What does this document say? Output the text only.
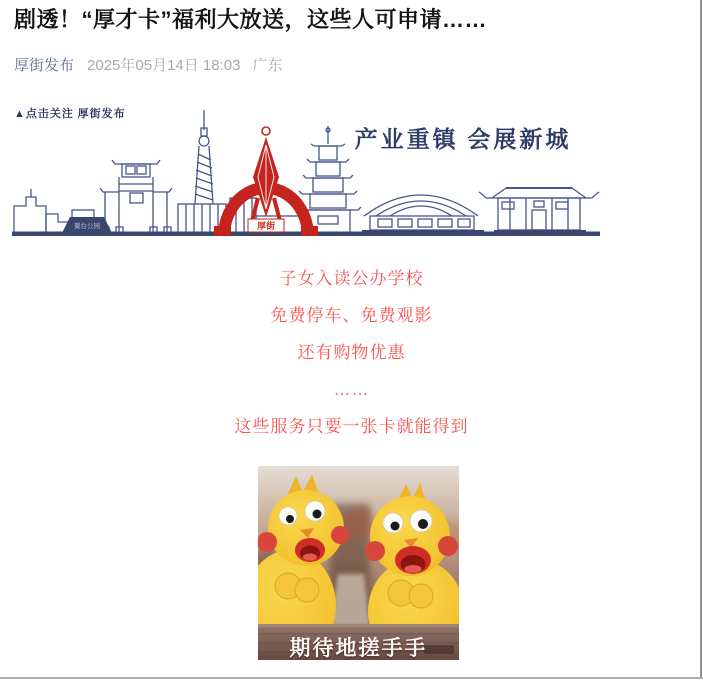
剧透！“厚才卡”福利大放送，这些人可申请……
厚街发布 2025年05月14日 18:03 广东
鳌台公园	厚街
▲点击关注 厚街发布
产业重镇 会展新城

子女入读公办学校

免费停车、免费观影

还有购物优惠

……

这些服务只要一张卡就能得到

期待地搓手手
